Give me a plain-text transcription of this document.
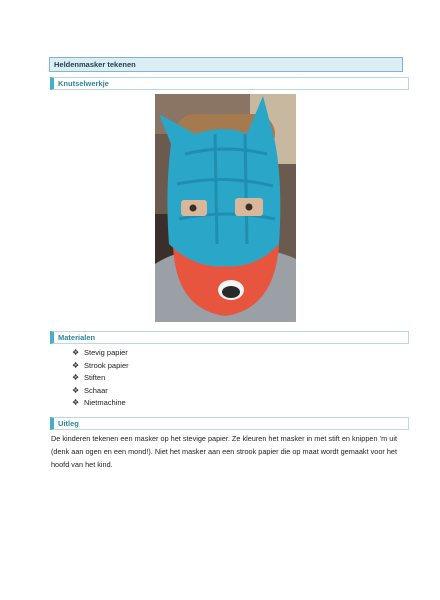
Heldenmasker tekenen
Knutselwerkje
Materialen
❖ Stevig papier
❖ Strook papier
❖ Stiften
❖ Schaar
❖ Nietmachine
Uitleg

De kinderen tekenen een masker op het stevige papier. Ze kleuren het masker in met stift en knippen ’m uit (denk aan ogen en een mond!). Niet het masker aan een strook papier die op maat wordt gemaakt voor het hoofd van het kind.
